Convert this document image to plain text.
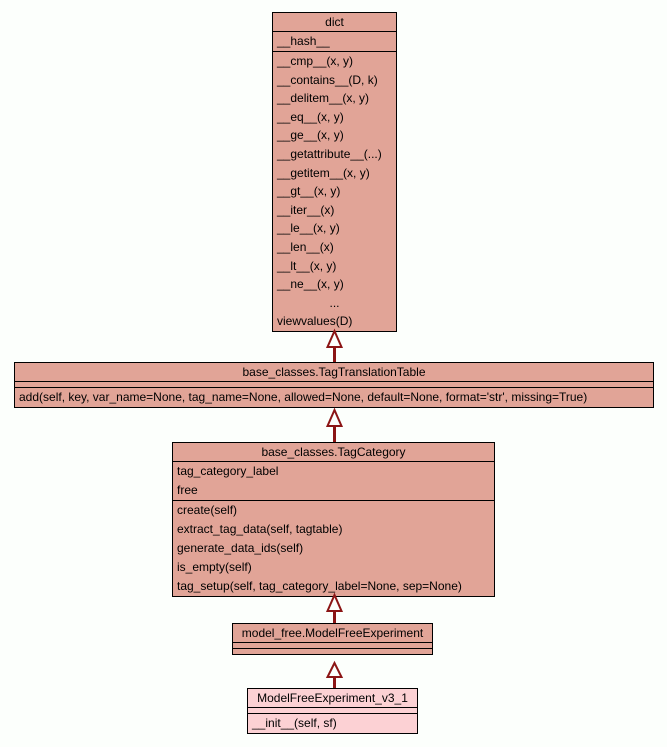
dict
__hash__
__cmp__(x, y)
__contains__(D, k)
__delitem__(x, y)
__eq__(x, y)
__ge__(x, y)
__getattribute__(...)
__getitem__(x, y)
__gt__(x, y)
__iter__(x)
__le__(x, y)
__len__(x)
__lt__(x, y)
__ne__(x, y)
...
viewvalues(D)
base_classes.TagTranslationTable
add(self, key, var_name=None, tag_name=None, allowed=None, default=None, format='str', missing=True)
base_classes.TagCategory
tag_category_label
free
create(self)
extract_tag_data(self, tagtable)
generate_data_ids(self)
is_empty(self)
tag_setup(self, tag_category_label=None, sep=None)
model_free.ModelFreeExperiment
ModelFreeExperiment_v3_1
__init__(self, sf)
